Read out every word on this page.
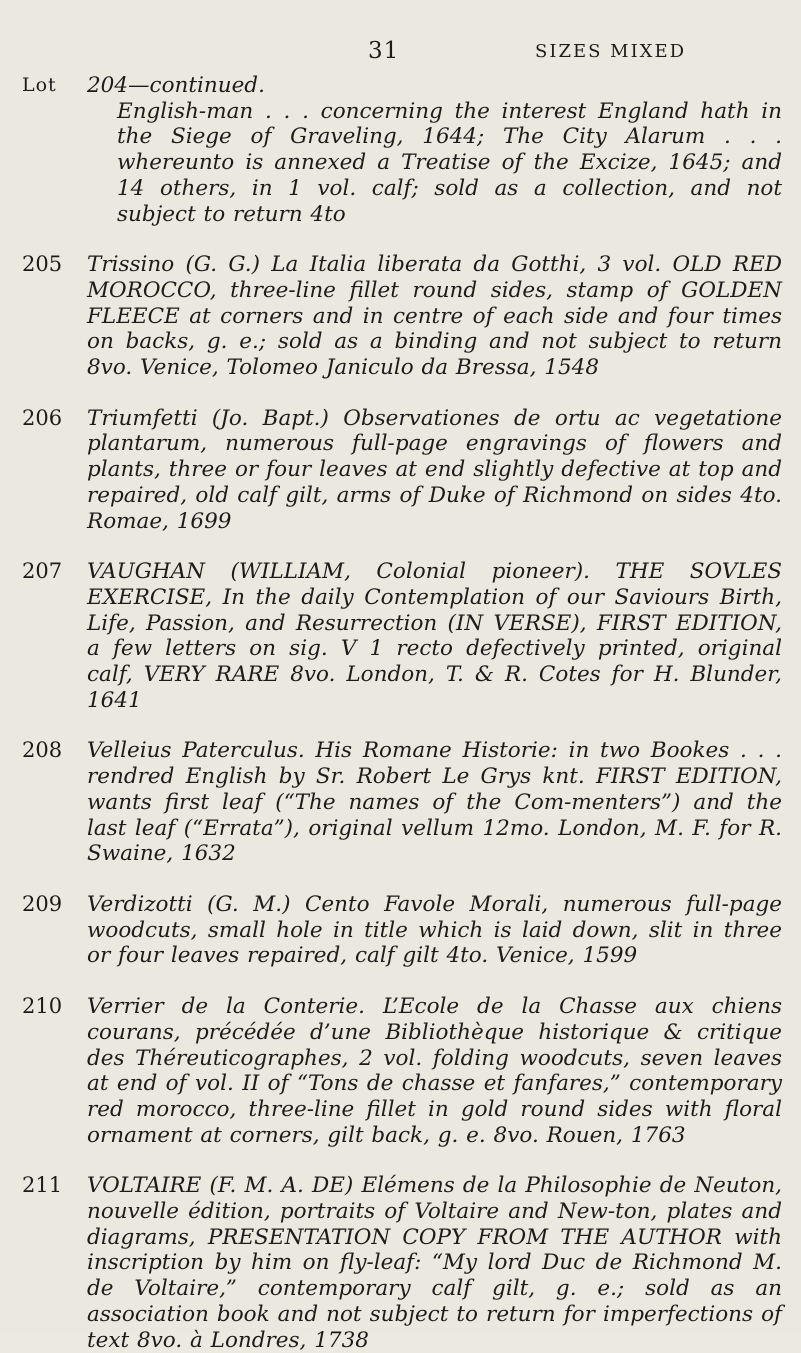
31	SIZES MIXED
Lot 204—continued.
English-man . . . concerning the interest England hath in the Siege of Graveling, 1644; The City Alarum . . . whereunto is annexed a Treatise of the Excize, 1645; and 14 others, in 1 vol. calf; sold as a collection, and not subject to return 4to
205 Trissino (G. G.) La Italia liberata da Gotthi, 3 vol. OLD RED MOROCCO, three-line fillet round sides, stamp of GOLDEN FLEECE at corners and in centre of each side and four times on backs, g. e.; sold as a binding and not subject to return 8vo. Venice, Tolomeo Janiculo da Bressa, 1548
206 Triumfetti (Jo. Bapt.) Observationes de ortu ac vegetatione plantarum, numerous full-page engravings of flowers and plants, three or four leaves at end slightly defective at top and repaired, old calf gilt, arms of Duke of Richmond on sides 4to. Romae, 1699
207 VAUGHAN (WILLIAM, Colonial pioneer). THE SOVLES EXERCISE, In the daily Contemplation of our Saviours Birth, Life, Passion, and Resurrection (IN VERSE), FIRST EDITION, a few letters on sig. V 1 recto defectively printed, original calf, VERY RARE 8vo. London, T. & R. Cotes for H. Blunder, 1641
208 Velleius Paterculus. His Romane Historie: in two Bookes . . . rendred English by Sr. Robert Le Grys knt. FIRST EDITION, wants first leaf (“The names of the Com-menters”) and the last leaf (“Errata”), original vellum 12mo. London, M. F. for R. Swaine, 1632
209 Verdizotti (G. M.) Cento Favole Morali, numerous full-page woodcuts, small hole in title which is laid down, slit in three or four leaves repaired, calf gilt 4to. Venice, 1599
210 Verrier de la Conterie. L’Ecole de la Chasse aux chiens courans, précédée d’une Bibliothèque historique & critique des Théreuticographes, 2 vol. folding woodcuts, seven leaves at end of vol. II of “Tons de chasse et fanfares,” contemporary red morocco, three-line fillet in gold round sides with floral ornament at corners, gilt back, g. e. 8vo. Rouen, 1763
211 VOLTAIRE (F. M. A. DE) Elémens de la Philosophie de Neuton, nouvelle édition, portraits of Voltaire and New-ton, plates and diagrams, PRESENTATION COPY FROM THE AUTHOR with inscription by him on fly-leaf: “My lord Duc de Richmond M. de Voltaire,” contemporary calf gilt, g. e.; sold as an association book and not subject to return for imperfections of text 8vo. à Londres, 1738
